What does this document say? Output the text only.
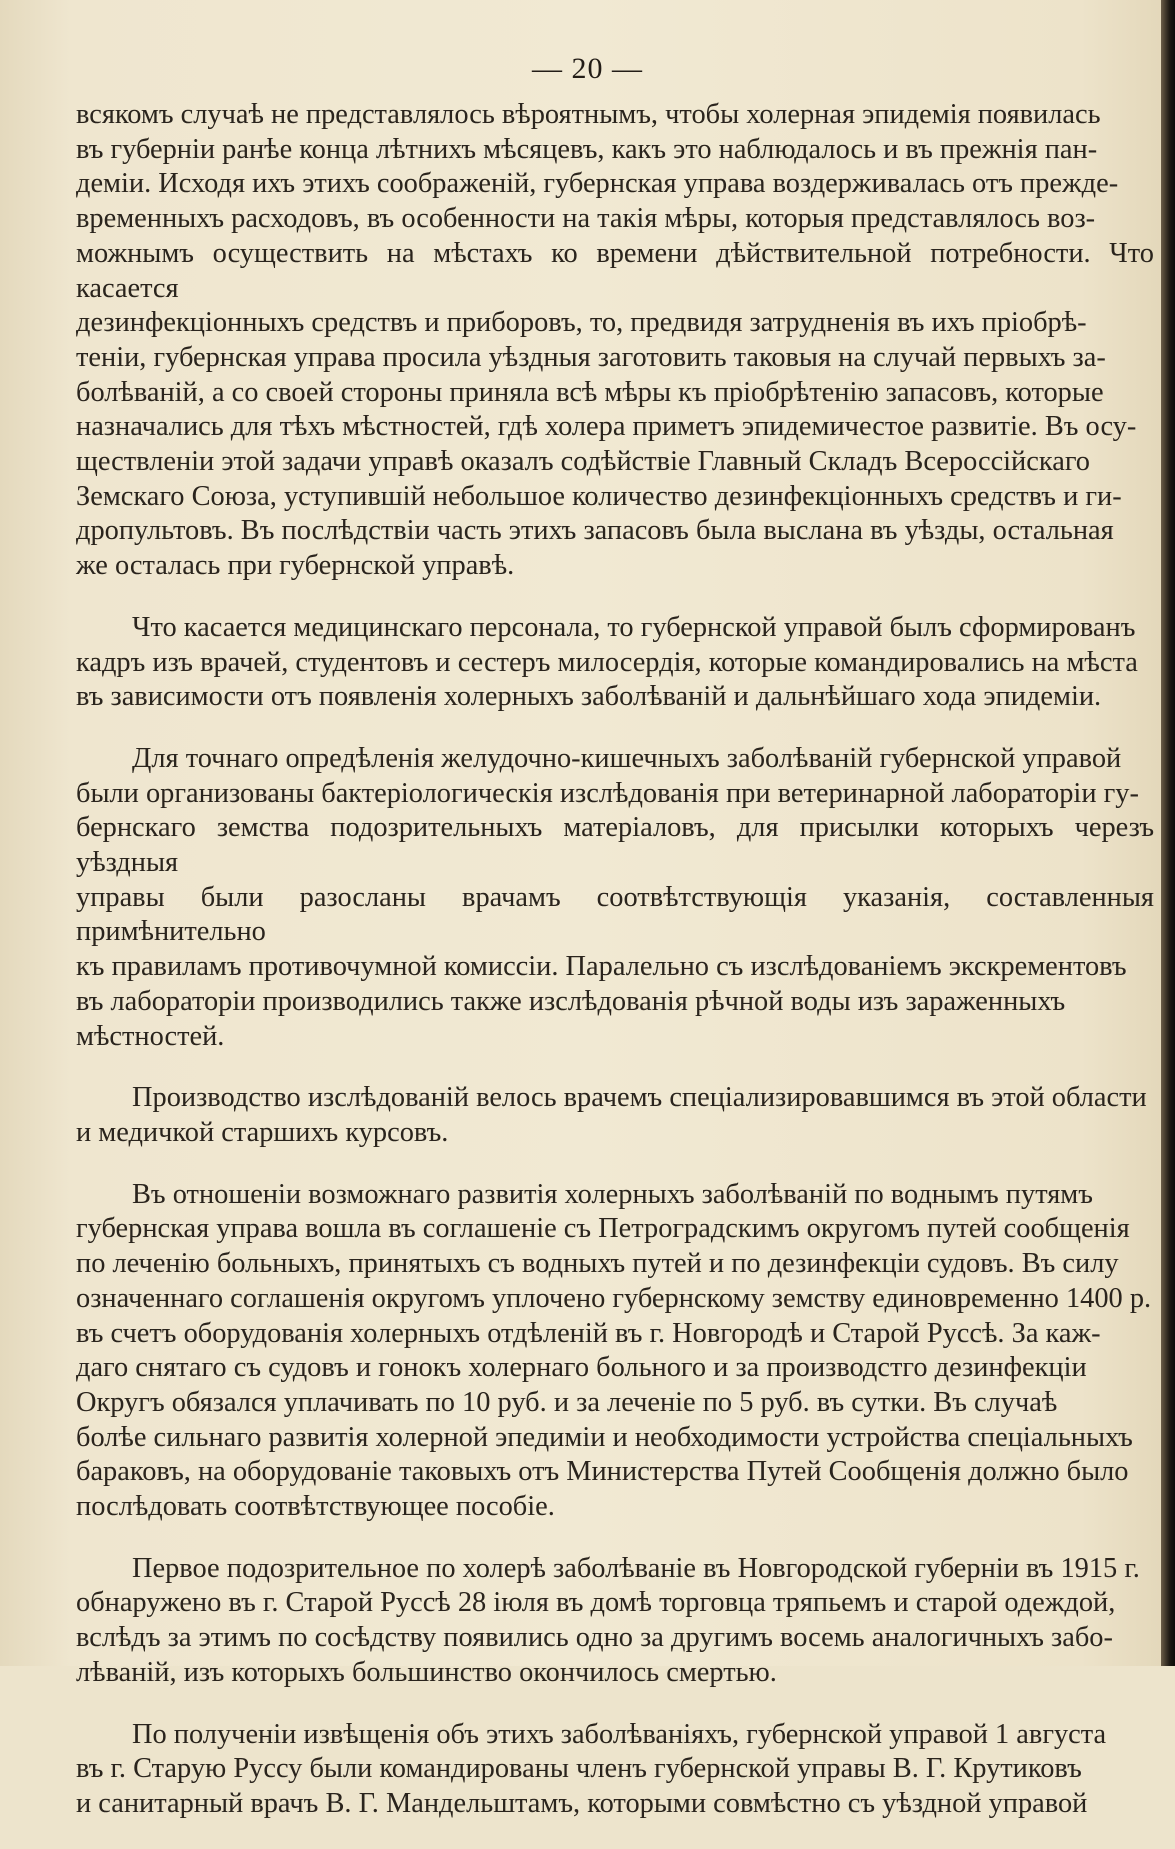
— 20 —

всякомъ случаѣ не представлялось вѣроятнымъ, чтобы холерная эпидемія появилась
въ губерніи ранѣе конца лѣтнихъ мѣсяцевъ, какъ это наблюдалось и въ прежнія пан-
деміи. Исходя ихъ этихъ соображеній, губернская управа воздерживалась отъ прежде-
временныхъ расходовъ, въ особенности на такія мѣры, которыя представлялось воз-
можнымъ осуществить на мѣстахъ ко времени дѣйствительной потребности. Что касается
дезинфекціонныхъ средствъ и приборовъ, то, предвидя затрудненія въ ихъ пріобрѣ-
теніи, губернская управа просила уѣздныя заготовить таковыя на случай первыхъ за-
болѣваній, а со своей стороны приняла всѣ мѣры къ пріобрѣтенію запасовъ, которые
назначались для тѣхъ мѣстностей, гдѣ холера приметъ эпидемичестое развитіе. Въ осу-
ществленіи этой задачи управѣ оказалъ содѣйствіе Главный Складъ Всероссійскаго
Земскаго Союза, уступившій небольшое количество дезинфекціонныхъ средствъ и ги-
дропультовъ. Въ послѣдствіи часть этихъ запасовъ была выслана въ уѣзды, остальная
же осталась при губернской управѣ.

Что касается медицинскаго персонала, то губернской управой былъ сформированъ
кадръ изъ врачей, студентовъ и сестеръ милосердія, которые командировались на мѣста
въ зависимости отъ появленія холерныхъ заболѣваній и дальнѣйшаго хода эпидеміи.

Для точнаго опредѣленія желудочно-кишечныхъ заболѣваній губернской управой
были организованы бактеріологическія изслѣдованія при ветеринарной лабораторіи гу-
бернскаго земства подозрительныхъ матеріаловъ, для присылки которыхъ черезъ уѣздныя
управы были разосланы врачамъ соотвѣтствующія указанія, составленныя примѣнительно
къ правиламъ противочумной комиссіи. Паралельно съ изслѣдованіемъ экскрементовъ
въ лабораторіи производились также изслѣдованія рѣчной воды изъ зараженныхъ
мѣстностей.

Производство изслѣдованій велось врачемъ спеціализировавшимся въ этой области
и медичкой старшихъ курсовъ.

Въ отношеніи возможнаго развитія холерныхъ заболѣваній по воднымъ путямъ
губернская управа вошла въ соглашеніе съ Петроградскимъ округомъ путей сообщенія
по леченію больныхъ, принятыхъ съ водныхъ путей и по дезинфекціи судовъ. Въ силу
означеннаго соглашенія округомъ уплочено губернскому земству единовременно 1400 р.
въ счетъ оборудованія холерныхъ отдѣленій въ г. Новгородѣ и Старой Руссѣ. За каж-
даго снятаго съ судовъ и гонокъ холернаго больного и за производстго дезинфекціи
Округъ обязался уплачивать по 10 руб. и за леченіе по 5 руб. въ сутки. Въ случаѣ
болѣе сильнаго развитія холерной эпедиміи и необходимости устройства спеціальныхъ
бараковъ, на оборудованіе таковыхъ отъ Министерства Путей Сообщенія должно было
послѣдовать соотвѣтствующее пособіе.

Первое подозрительное по холерѣ заболѣваніе въ Новгородской губерніи въ 1915 г.
обнаружено въ г. Старой Руссѣ 28 іюля въ домѣ торговца тряпьемъ и старой одеждой,
вслѣдъ за этимъ по сосѣдству появились одно за другимъ восемь аналогичныхъ забо-
лѣваній, изъ которыхъ большинство окончилось смертью.

По полученіи извѣщенія объ этихъ заболѣваніяхъ, губернской управой 1 августа
въ г. Старую Руссу были командированы членъ губернской управы В. Г. Крутиковъ
и санитарный врачъ В. Г. Мандельштамъ, которыми совмѣстно съ уѣздной управой
